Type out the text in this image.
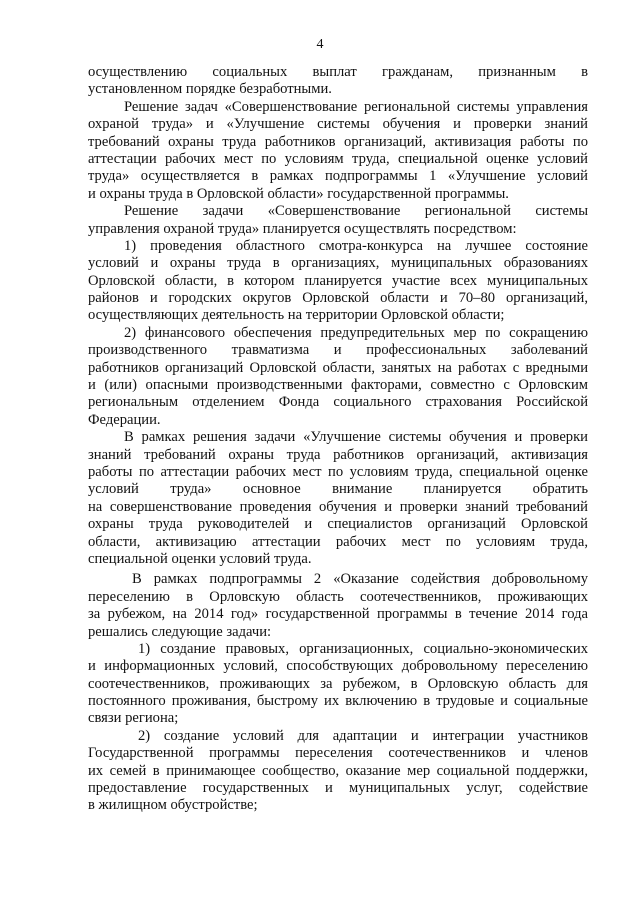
4
осуществлению социальных выплат гражданам, признанным в
установленном порядке безработными.
Решение задач «Совершенствование региональной системы управления
охраной труда» и «Улучшение системы обучения и проверки знаний
требований охраны труда работников организаций, активизация работы по
аттестации рабочих мест по условиям труда, специальной оценке условий
труда» осуществляется в рамках подпрограммы 1 «Улучшение условий
и охраны труда в Орловской области» государственной программы.
Решение задачи «Совершенствование региональной системы
управления охраной труда» планируется осуществлять посредством:
1) проведения областного смотра-конкурса на лучшее состояние
условий и охраны труда в организациях, муниципальных образованиях
Орловской области, в котором планируется участие всех муниципальных
районов и городских округов Орловской области и 70–80 организаций,
осуществляющих деятельность на территории Орловской области;
2) финансового обеспечения предупредительных мер по сокращению
производственного травматизма и профессиональных заболеваний
работников организаций Орловской области, занятых на работах с вредными
и (или) опасными производственными факторами, совместно с Орловским
региональным отделением Фонда социального страхования Российской
Федерации.
В рамках решения задачи «Улучшение системы обучения и проверки
знаний требований охраны труда работников организаций, активизация
работы по аттестации рабочих мест по условиям труда, специальной оценке
условий труда» основное внимание планируется обратить
на совершенствование проведения обучения и проверки знаний требований
охраны труда руководителей и специалистов организаций Орловской
области, активизацию аттестации рабочих мест по условиям труда,
специальной оценки условий труда.
В рамках подпрограммы 2 «Оказание содействия добровольному
переселению в Орловскую область соотечественников, проживающих
за рубежом, на 2014 год» государственной программы в течение 2014 года
решались следующие задачи:
1) создание правовых, организационных, социально-экономических
и информационных условий, способствующих добровольному переселению
соотечественников, проживающих за рубежом, в Орловскую область для
постоянного проживания, быстрому их включению в трудовые и социальные
связи региона;
2) создание условий для адаптации и интеграции участников
Государственной программы переселения соотечественников и членов
их семей в принимающее сообщество, оказание мер социальной поддержки,
предоставление государственных и муниципальных услуг, содействие
в жилищном обустройстве;
